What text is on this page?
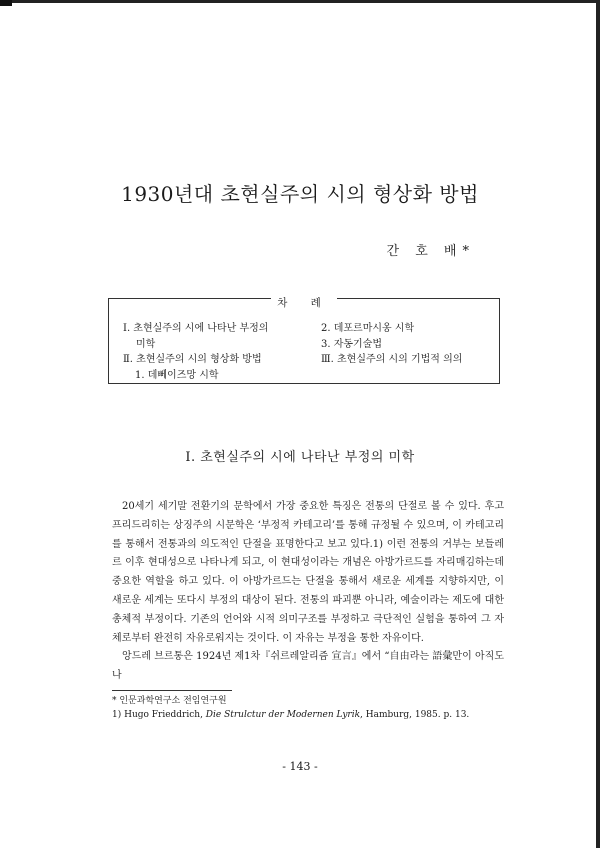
1930년대 초현실주의 시의 형상화 방법
간 호 배*
차 례
Ⅰ. 초현실주의 시에 나타난 부정의
미학
Ⅱ. 초현실주의 시의 형상화 방법
1. 데뻬이즈망 시학
2. 데포르마시옹 시학
3. 자동기술법
Ⅲ. 초현실주의 시의 기법적 의의
Ⅰ. 초현실주의 시에 나타난 부정의 미학

20세기 세기말 전환기의 문학에서 가장 중요한 특징은 전통의 단절로 볼 수 있다. 후고 프리드리히는 상징주의 시문학은 ‘부정적 카테고리’를 통해 규정될 수 있으며, 이 카테고리를 통해서 전통과의 의도적인 단절을 표명한다고 보고 있다.1) 이런 전통의 거부는 보들레르 이후 현대성으로 나타나게 되고, 이 현대성이라는 개념은 아방가르드를 자리매김하는데 중요한 역할을 하고 있다. 이 아방가르드는 단절을 통해서 새로운 세계를 지향하지만, 이 새로운 세계는 또다시 부정의 대상이 된다. 전통의 파괴뿐 아니라, 예술이라는 제도에 대한 총체적 부정이다. 기존의 언어와 시적 의미구조를 부정하고 극단적인 실험을 통하여 그 자체로부터 완전히 자유로워지는 것이다. 이 자유는 부정을 통한 자유이다.

앙드레 브르통은 1924년 제1차『쉬르레알리즘 宣言』에서 “自由라는 語彙만이 아직도 나

* 인문과학연구소 전임연구원
1) Hugo Frieddrich, Die Strulctur der Modernen Lyrik, Hamburg, 1985. p. 13.
- 143 -
